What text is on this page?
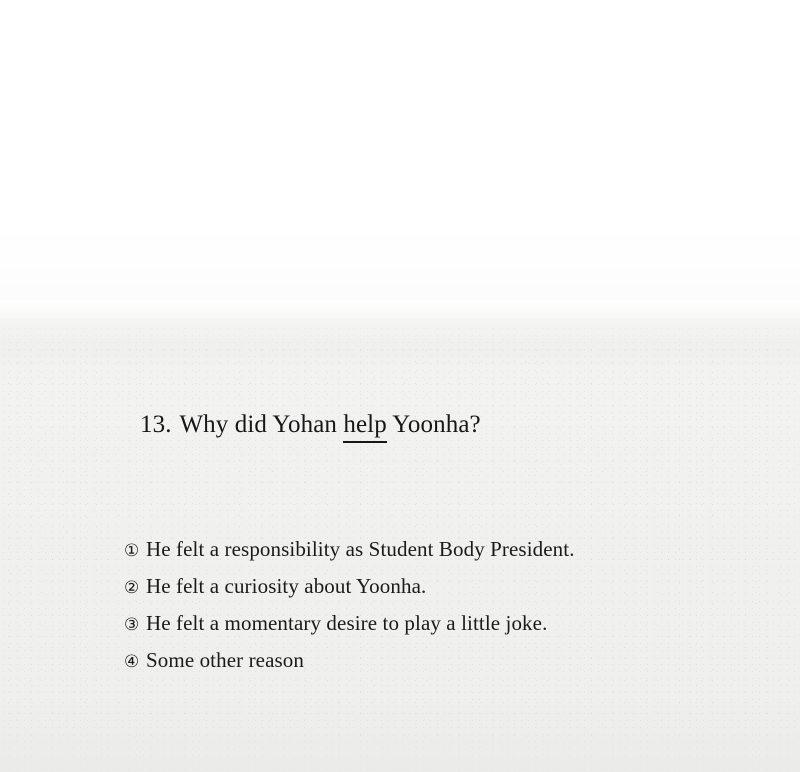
13. Why did Yohan help Yoonha?
① He felt a responsibility as Student Body President.
② He felt a curiosity about Yoonha.
③ He felt a momentary desire to play a little joke.
④ Some other reason
